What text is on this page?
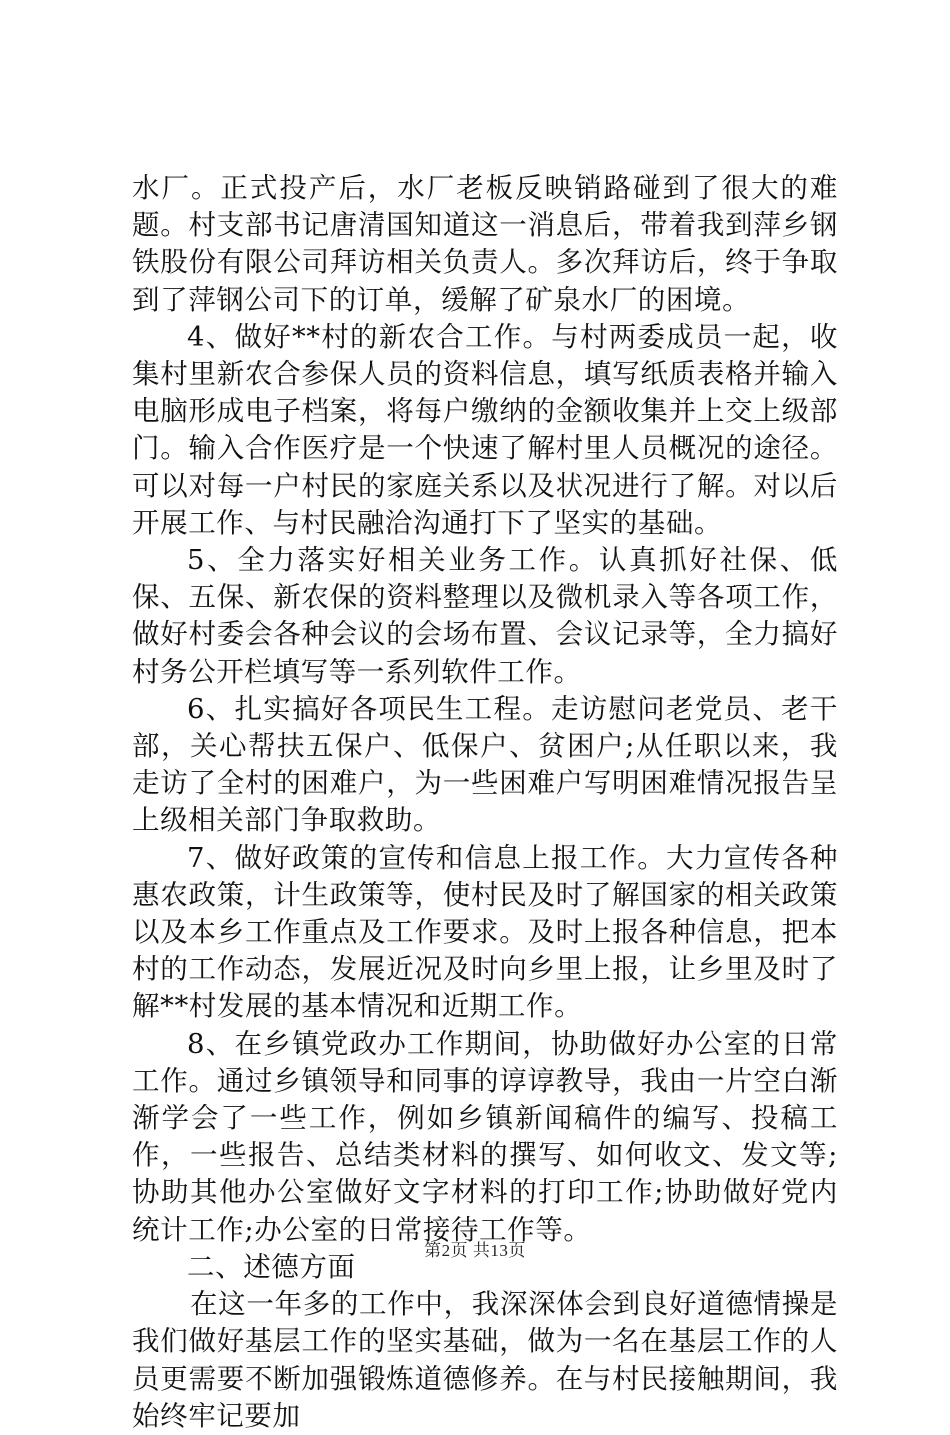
水厂。正式投产后，水厂老板反映销路碰到了很大的难题。村支部书记唐清国知道这一消息后，带着我到萍乡钢铁股份有限公司拜访相关负责人。多次拜访后，终于争取到了萍钢公司下的订单，缓解了矿泉水厂的困境。

4、做好**村的新农合工作。与村两委成员一起，收集村里新农合参保人员的资料信息，填写纸质表格并输入电脑形成电子档案，将每户缴纳的金额收集并上交上级部门。输入合作医疗是一个快速了解村里人员概况的途径。可以对每一户村民的家庭关系以及状况进行了解。对以后开展工作、与村民融洽沟通打下了坚实的基础。

5、全力落实好相关业务工作。认真抓好社保、低保、五保、新农保的资料整理以及微机录入等各项工作，做好村委会各种会议的会场布置、会议记录等，全力搞好村务公开栏填写等一系列软件工作。

6、扎实搞好各项民生工程。走访慰问老党员、老干部，关心帮扶五保户、低保户、贫困户;从任职以来，我走访了全村的困难户，为一些困难户写明困难情况报告呈上级相关部门争取救助。

7、做好政策的宣传和信息上报工作。大力宣传各种惠农政策，计生政策等，使村民及时了解国家的相关政策以及本乡工作重点及工作要求。及时上报各种信息，把本村的工作动态，发展近况及时向乡里上报，让乡里及时了解**村发展的基本情况和近期工作。

8、在乡镇党政办工作期间，协助做好办公室的日常工作。通过乡镇领导和同事的谆谆教导，我由一片空白渐渐学会了一些工作，例如乡镇新闻稿件的编写、投稿工作，一些报告、总结类材料的撰写、如何收文、发文等;协助其他办公室做好文字材料的打印工作;协助做好党内统计工作;办公室的日常接待工作等。

二、述德方面

在这一年多的工作中，我深深体会到良好道德情操是我们做好基层工作的坚实基础，做为一名在基层工作的人员更需要不断加强锻炼道德修养。在与村民接触期间，我始终牢记要加

第2页 共13页
